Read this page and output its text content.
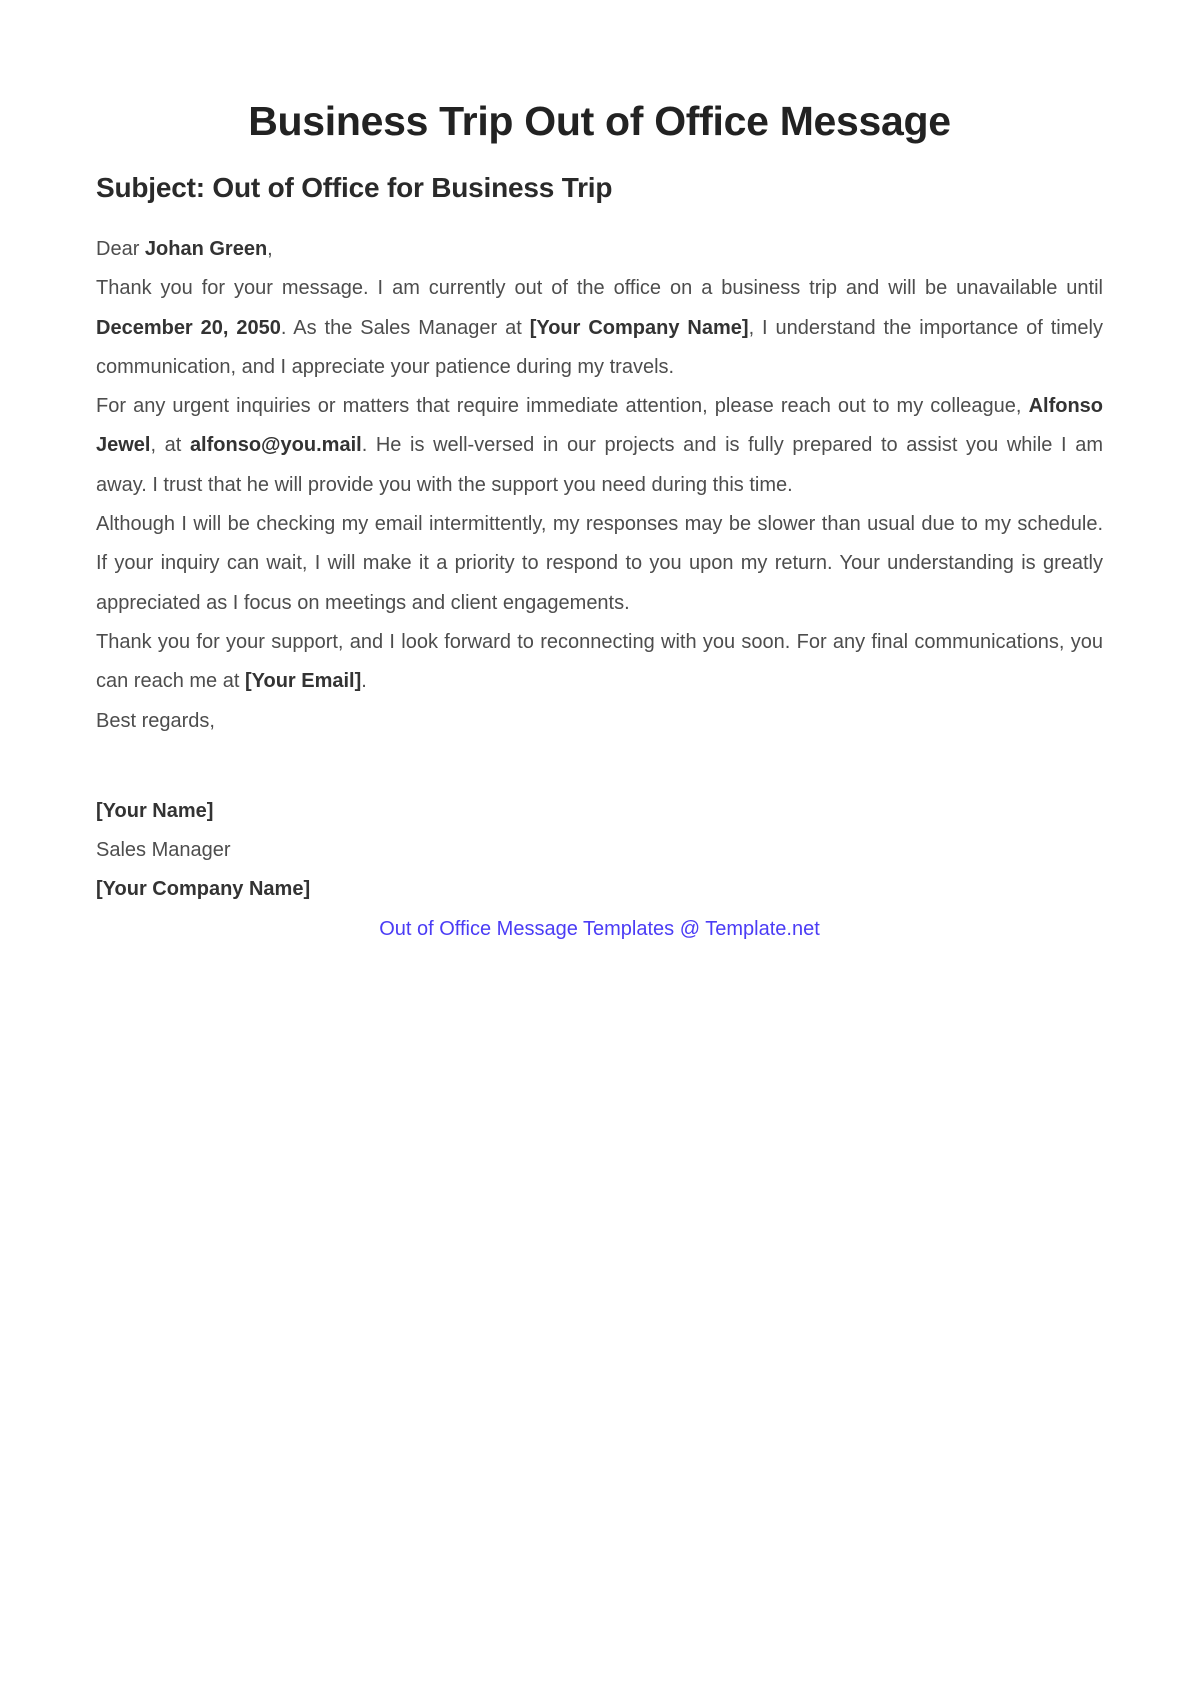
Business Trip Out of Office Message
Subject: Out of Office for Business Trip

Dear Johan Green,

Thank you for your message. I am currently out of the office on a business trip and will be unavailable until December 20, 2050. As the Sales Manager at [Your Company Name], I understand the importance of timely communication, and I appreciate your patience during my travels.

For any urgent inquiries or matters that require immediate attention, please reach out to my colleague, Alfonso Jewel, at alfonso@you.mail. He is well-versed in our projects and is fully prepared to assist you while I am away. I trust that he will provide you with the support you need during this time.

Although I will be checking my email intermittently, my responses may be slower than usual due to my schedule. If your inquiry can wait, I will make it a priority to respond to you upon my return. Your understanding is greatly appreciated as I focus on meetings and client engagements.

Thank you for your support, and I look forward to reconnecting with you soon. For any final communications, you can reach me at [Your Email].

Best regards,

[Your Name]

Sales Manager

[Your Company Name]

Out of Office Message Templates @ Template.net
